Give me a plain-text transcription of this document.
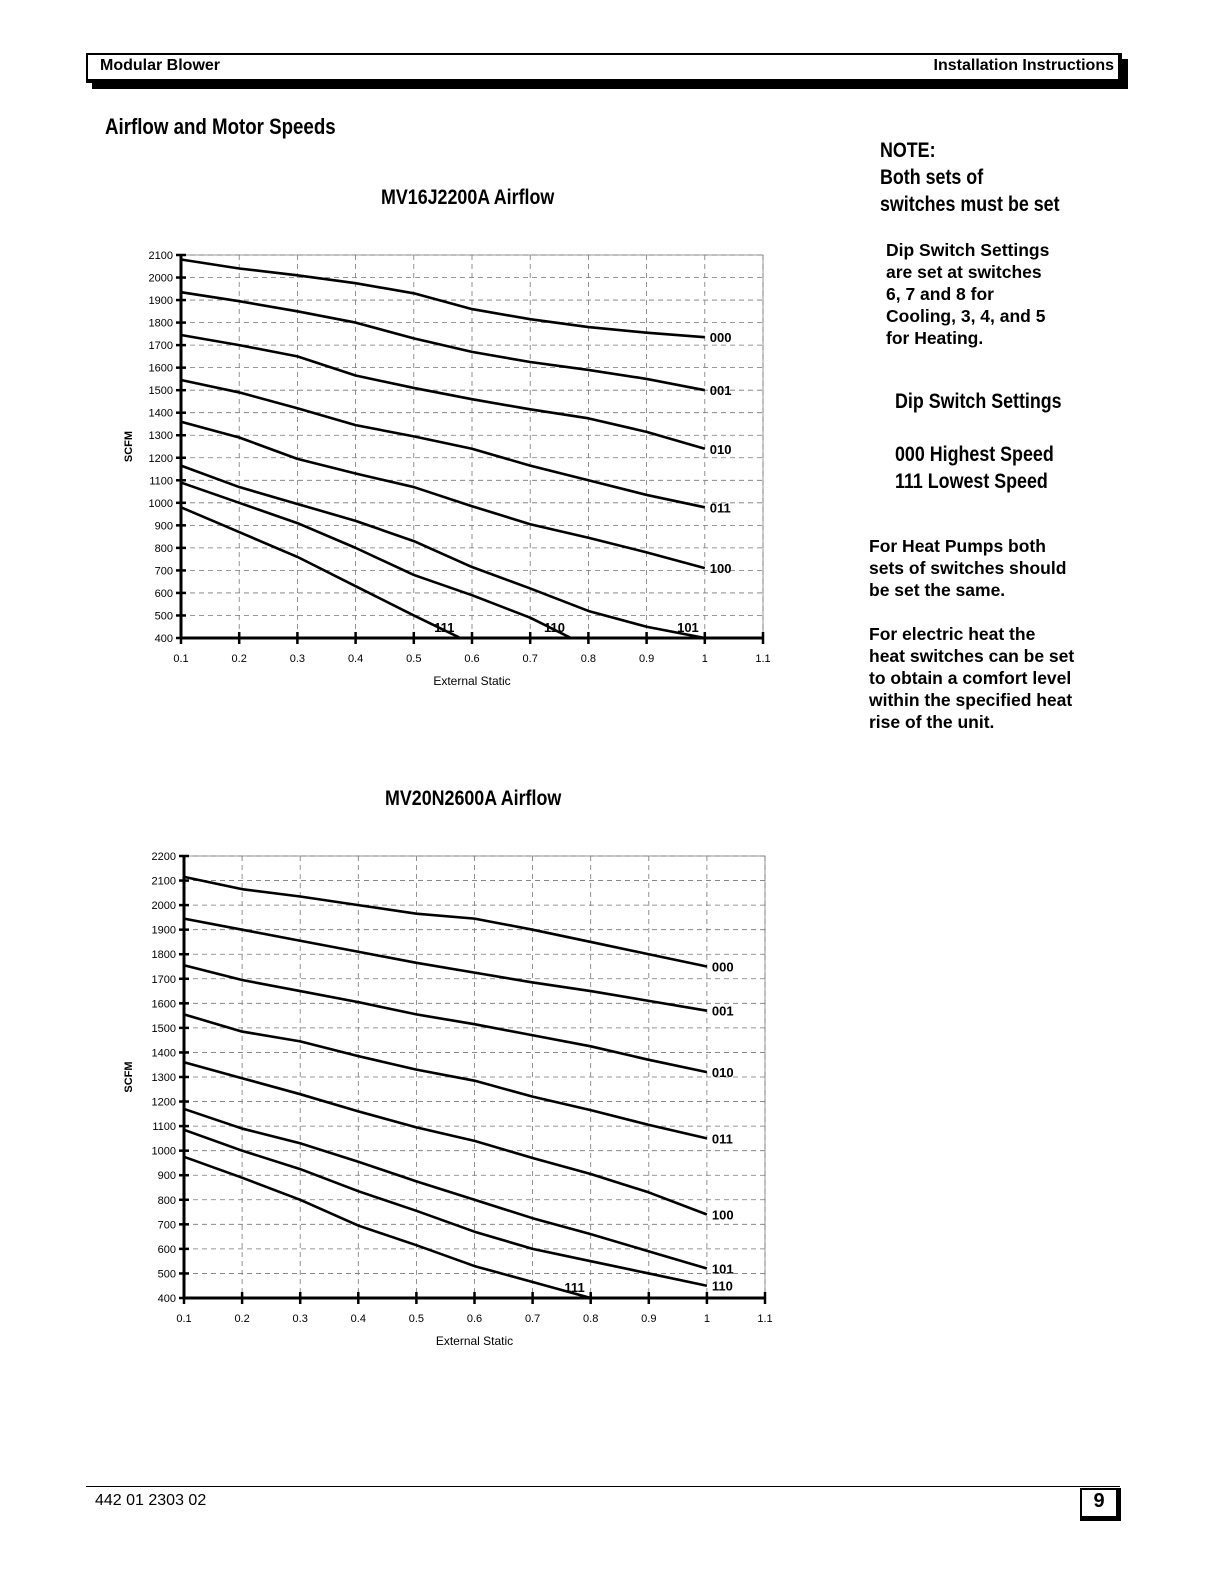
Modular Blower	Installation Instructions
Airflow and Motor Speeds
MV16J2200A Airflow
MV20N2600A Airflow
NOTE:
Both sets of
switches must be set
Dip Switch Settings
are set at switches
6, 7 and 8 for
Cooling, 3, 4, and 5
for Heating.
Dip Switch Settings
000 Highest Speed
111 Lowest Speed
For Heat Pumps both
sets of switches should
be set the same.
For electric heat the
heat switches can be set
to obtain a comfort level
within the specified heat
rise of the unit.
400
500
600
700
800
900
1000
1100
1200
1300
1400
1500
1600
1700
1800
1900
2000
2100
0.1	0.2	0.3	0.4	0.5	0.6	0.7	0.8	0.9	1	1.1
External Static
SCFM
000
001
010
011
100
101
110
111
400
500
600
700
800
900
1000
1100
1200
1300
1400
1500
1600
1700
1800
1900
2000
2100
2200
0.1	0.2	0.3	0.4	0.5	0.6	0.7	0.8	0.9	1	1.1
External Static
SCFM
000
001
010
011
100
101
110
111
442 01 2303 02	9
